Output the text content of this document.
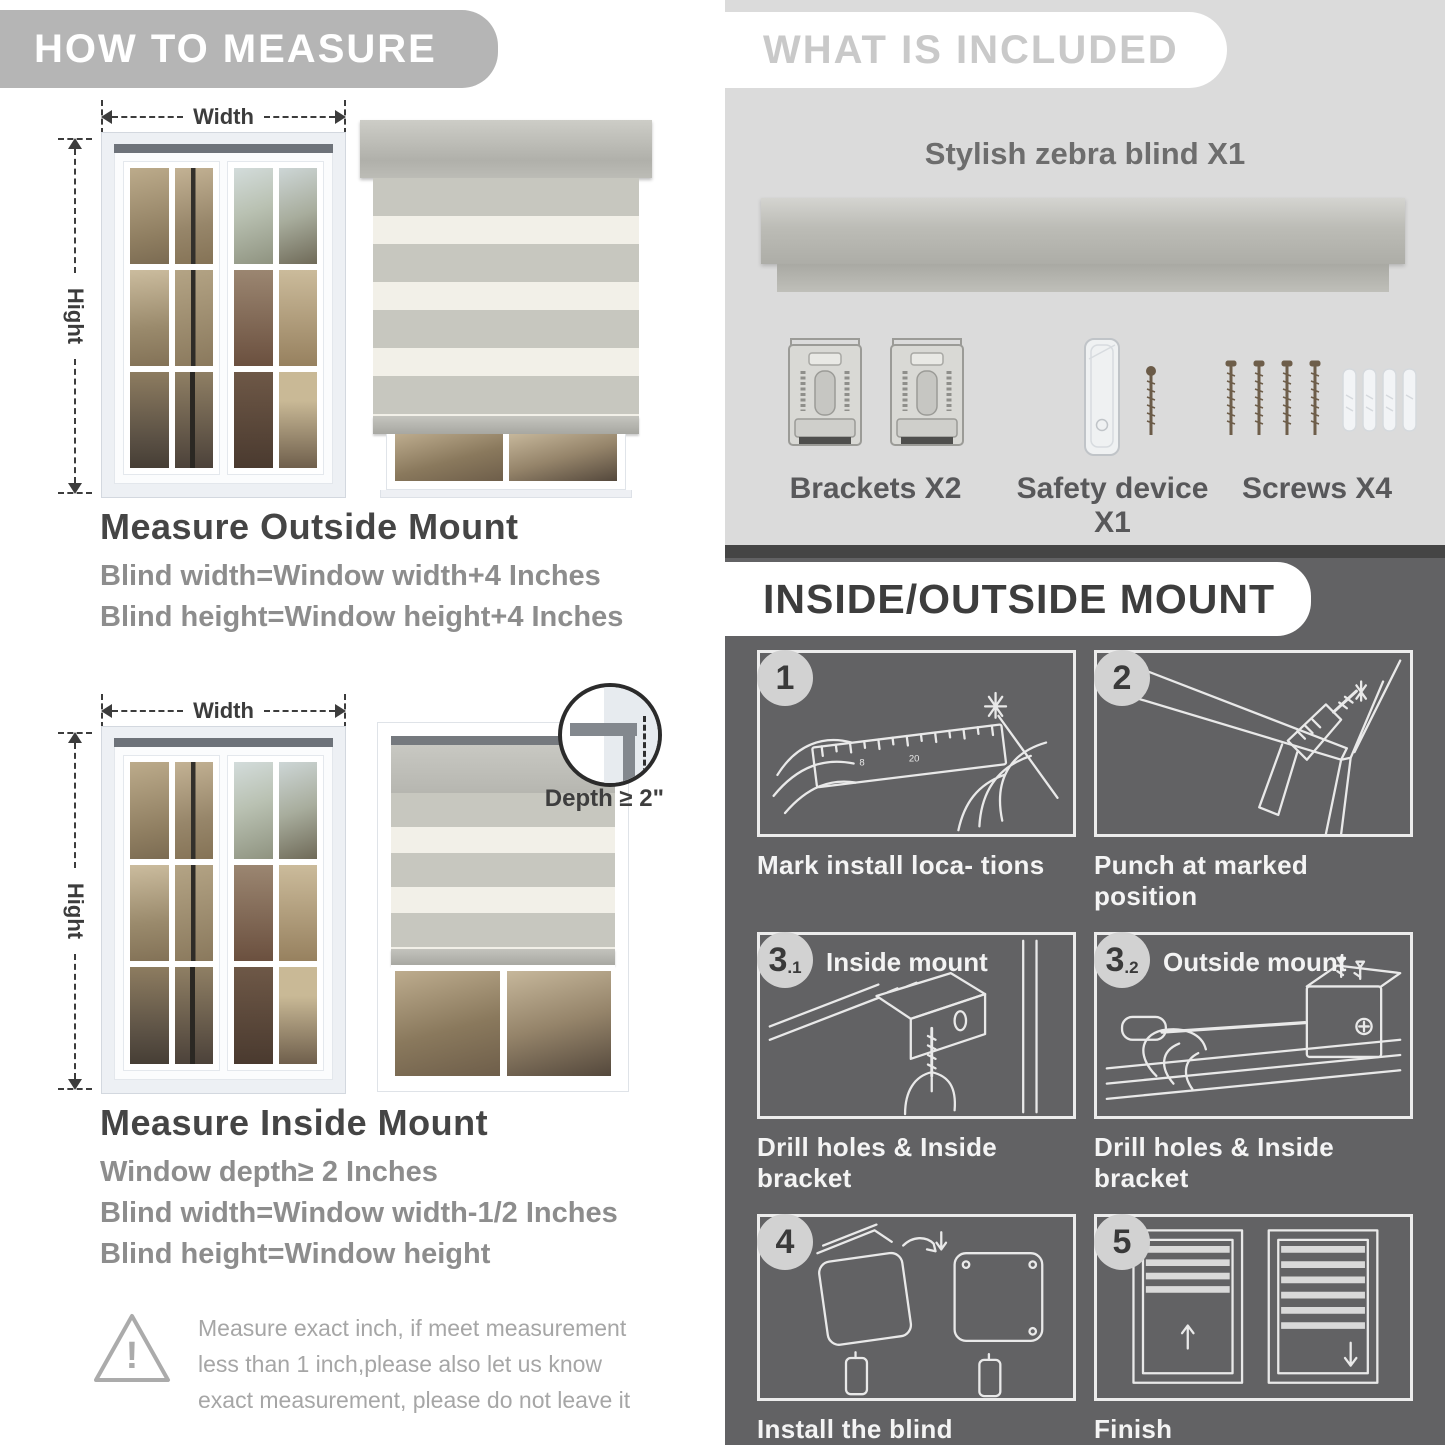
HOW TO MEASURE
Width
Hight
Measure Outside Mount
Blind width=Window width+4 Inches
Blind height=Window height+4 Inches
Width
Hight
Depth ≥ 2"
Measure Inside Mount
Window depth≥ 2 Inches
Blind width=Window width-1/2 Inches
Blind height=Window height
!
Measure exact inch, if meet measurement less than 1 inch,please also let us know exact measurement, please do not leave it
WHAT IS INCLUDED
Stylish zebra blind X1
Brackets X2	Safety device X1
Screws X4
INSIDE/OUTSIDE MOUNT
1
8	20
Mark install loca- tions
2
Punch at marked position
3 .1 Inside mount
Drill holes & Inside bracket
3 .2 Outside mount
Drill holes & Inside bracket
4
Install the blind
5
Finish
